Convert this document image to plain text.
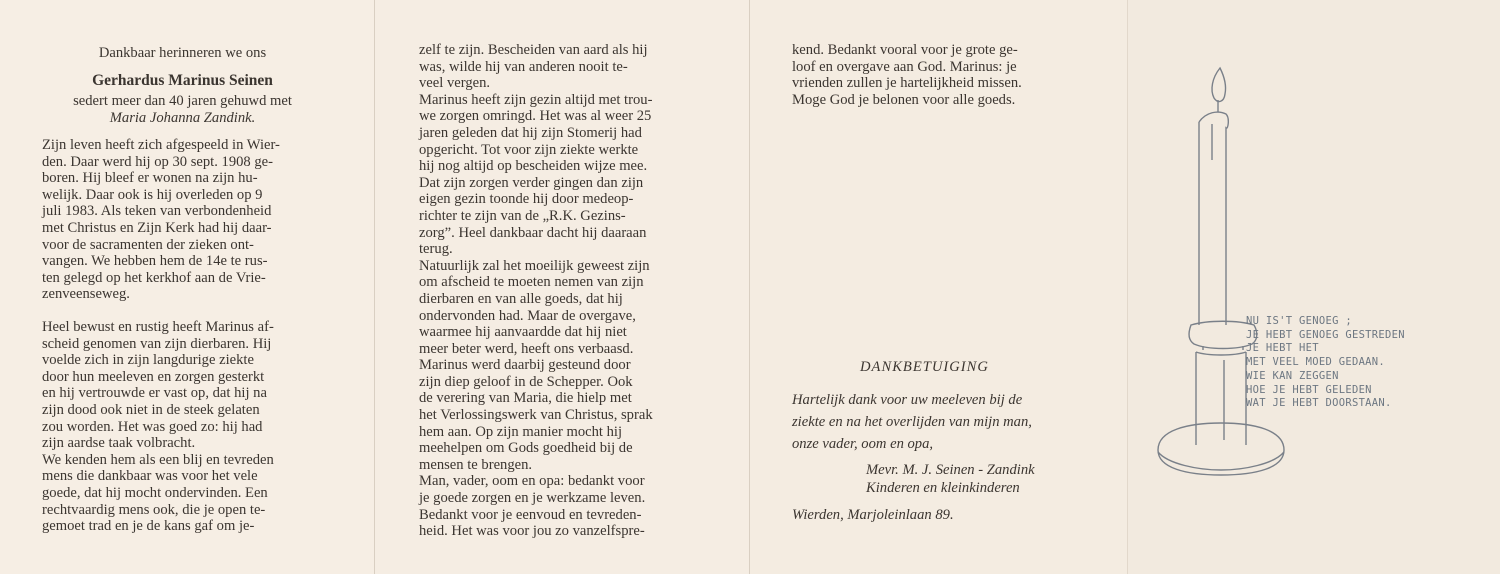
Dankbaar herinneren we ons
Gerhardus Marinus Seinen
sedert meer dan 40 jaren gehuwd met
Maria Johanna Zandink.
Zijn leven heeft zich afgespeeld in Wier-
den. Daar werd hij op 30 sept. 1908 ge-
boren. Hij bleef er wonen na zijn hu-
welijk. Daar ook is hij overleden op 9
juli 1983. Als teken van verbondenheid
met Christus en Zijn Kerk had hij daar-
voor de sacramenten der zieken ont-
vangen. We hebben hem de 14e te rus-
ten gelegd op het kerkhof aan de Vrie-
zenveenseweg.
Heel bewust en rustig heeft Marinus af-
scheid genomen van zijn dierbaren. Hij
voelde zich in zijn langdurige ziekte
door hun meeleven en zorgen gesterkt
en hij vertrouwde er vast op, dat hij na
zijn dood ook niet in de steek gelaten
zou worden. Het was goed zo: hij had
zijn aardse taak volbracht.
We kenden hem als een blij en tevreden
mens die dankbaar was voor het vele
goede, dat hij mocht ondervinden. Een
rechtvaardig mens ook, die je open te-
gemoet trad en je de kans gaf om je-
zelf te zijn. Bescheiden van aard als hij
was, wilde hij van anderen nooit te-
veel vergen.
Marinus heeft zijn gezin altijd met trou-
we zorgen omringd. Het was al weer 25
jaren geleden dat hij zijn Stomerij had
opgericht. Tot voor zijn ziekte werkte
hij nog altijd op bescheiden wijze mee.
Dat zijn zorgen verder gingen dan zijn
eigen gezin toonde hij door medeop-
richter te zijn van de „R.K. Gezins-
zorg”. Heel dankbaar dacht hij daaraan
terug.
Natuurlijk zal het moeilijk geweest zijn
om afscheid te moeten nemen van zijn
dierbaren en van alle goeds, dat hij
ondervonden had. Maar de overgave,
waarmee hij aanvaardde dat hij niet
meer beter werd, heeft ons verbaasd.
Marinus werd daarbij gesteund door
zijn diep geloof in de Schepper. Ook
de verering van Maria, die hielp met
het Verlossingswerk van Christus, sprak
hem aan. Op zijn manier mocht hij
meehelpen om Gods goedheid bij de
mensen te brengen.
Man, vader, oom en opa: bedankt voor
je goede zorgen en je werkzame leven.
Bedankt voor je eenvoud en tevreden-
heid. Het was voor jou zo vanzelfspre-
kend. Bedankt vooral voor je grote ge-
loof en overgave aan God. Marinus: je
vrienden zullen je hartelijkheid missen.
Moge God je belonen voor alle goeds.
DANKBETUIGING
Hartelijk dank voor uw meeleven bij de
ziekte en na het overlijden van mijn man,
onze vader, oom en opa,
Mevr. M. J. Seinen - Zandink
Kinderen en kleinkinderen
Wierden, Marjoleinlaan 89.
NU IS'T GENOEG ;
JE HEBT GENOEG GESTREDEN
JE HEBT HET
MET VEEL MOED GEDAAN.
WIE KAN ZEGGEN
HOE JE HEBT GELEDEN
WAT JE HEBT DOORSTAAN.
